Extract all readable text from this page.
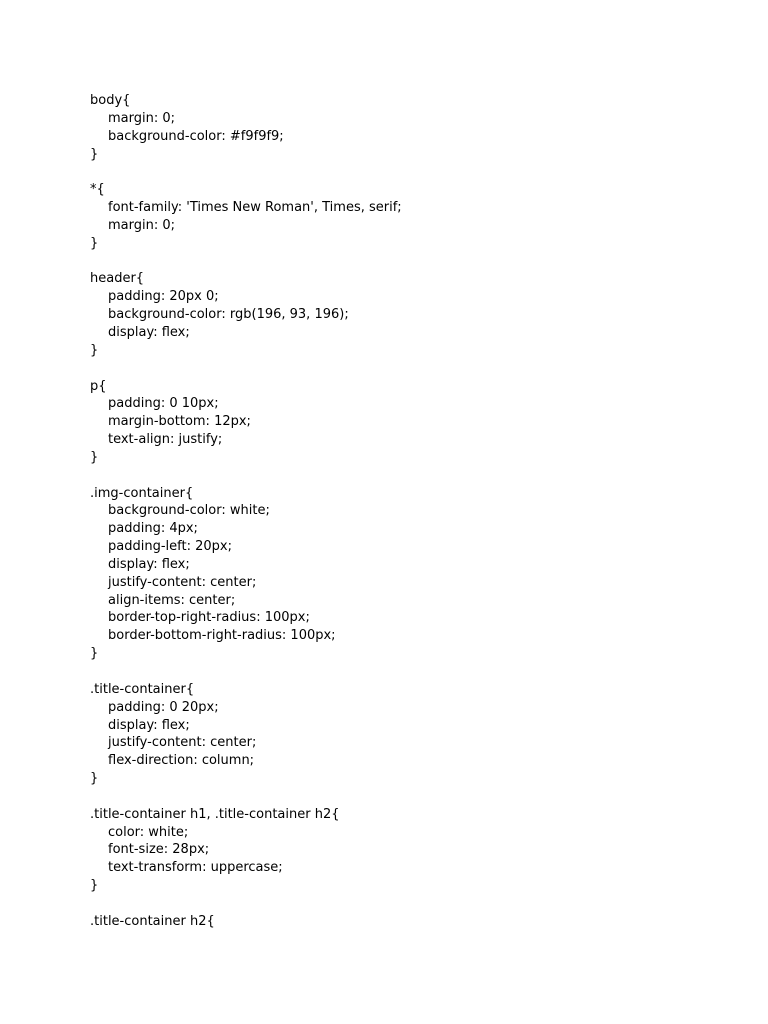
body{
margin: 0;
background-color: #f9f9f9;
}
*{
font-family: 'Times New Roman', Times, serif;
margin: 0;
}
header{
padding: 20px 0;
background-color: rgb(196, 93, 196);
display: flex;
}
p{
padding: 0 10px;
margin-bottom: 12px;
text-align: justify;
}
.img-container{
background-color: white;
padding: 4px;
padding-left: 20px;
display: flex;
justify-content: center;
align-items: center;
border-top-right-radius: 100px;
border-bottom-right-radius: 100px;
}
.title-container{
padding: 0 20px;
display: flex;
justify-content: center;
flex-direction: column;
}
.title-container h1, .title-container h2{
color: white;
font-size: 28px;
text-transform: uppercase;
}
.title-container h2{
